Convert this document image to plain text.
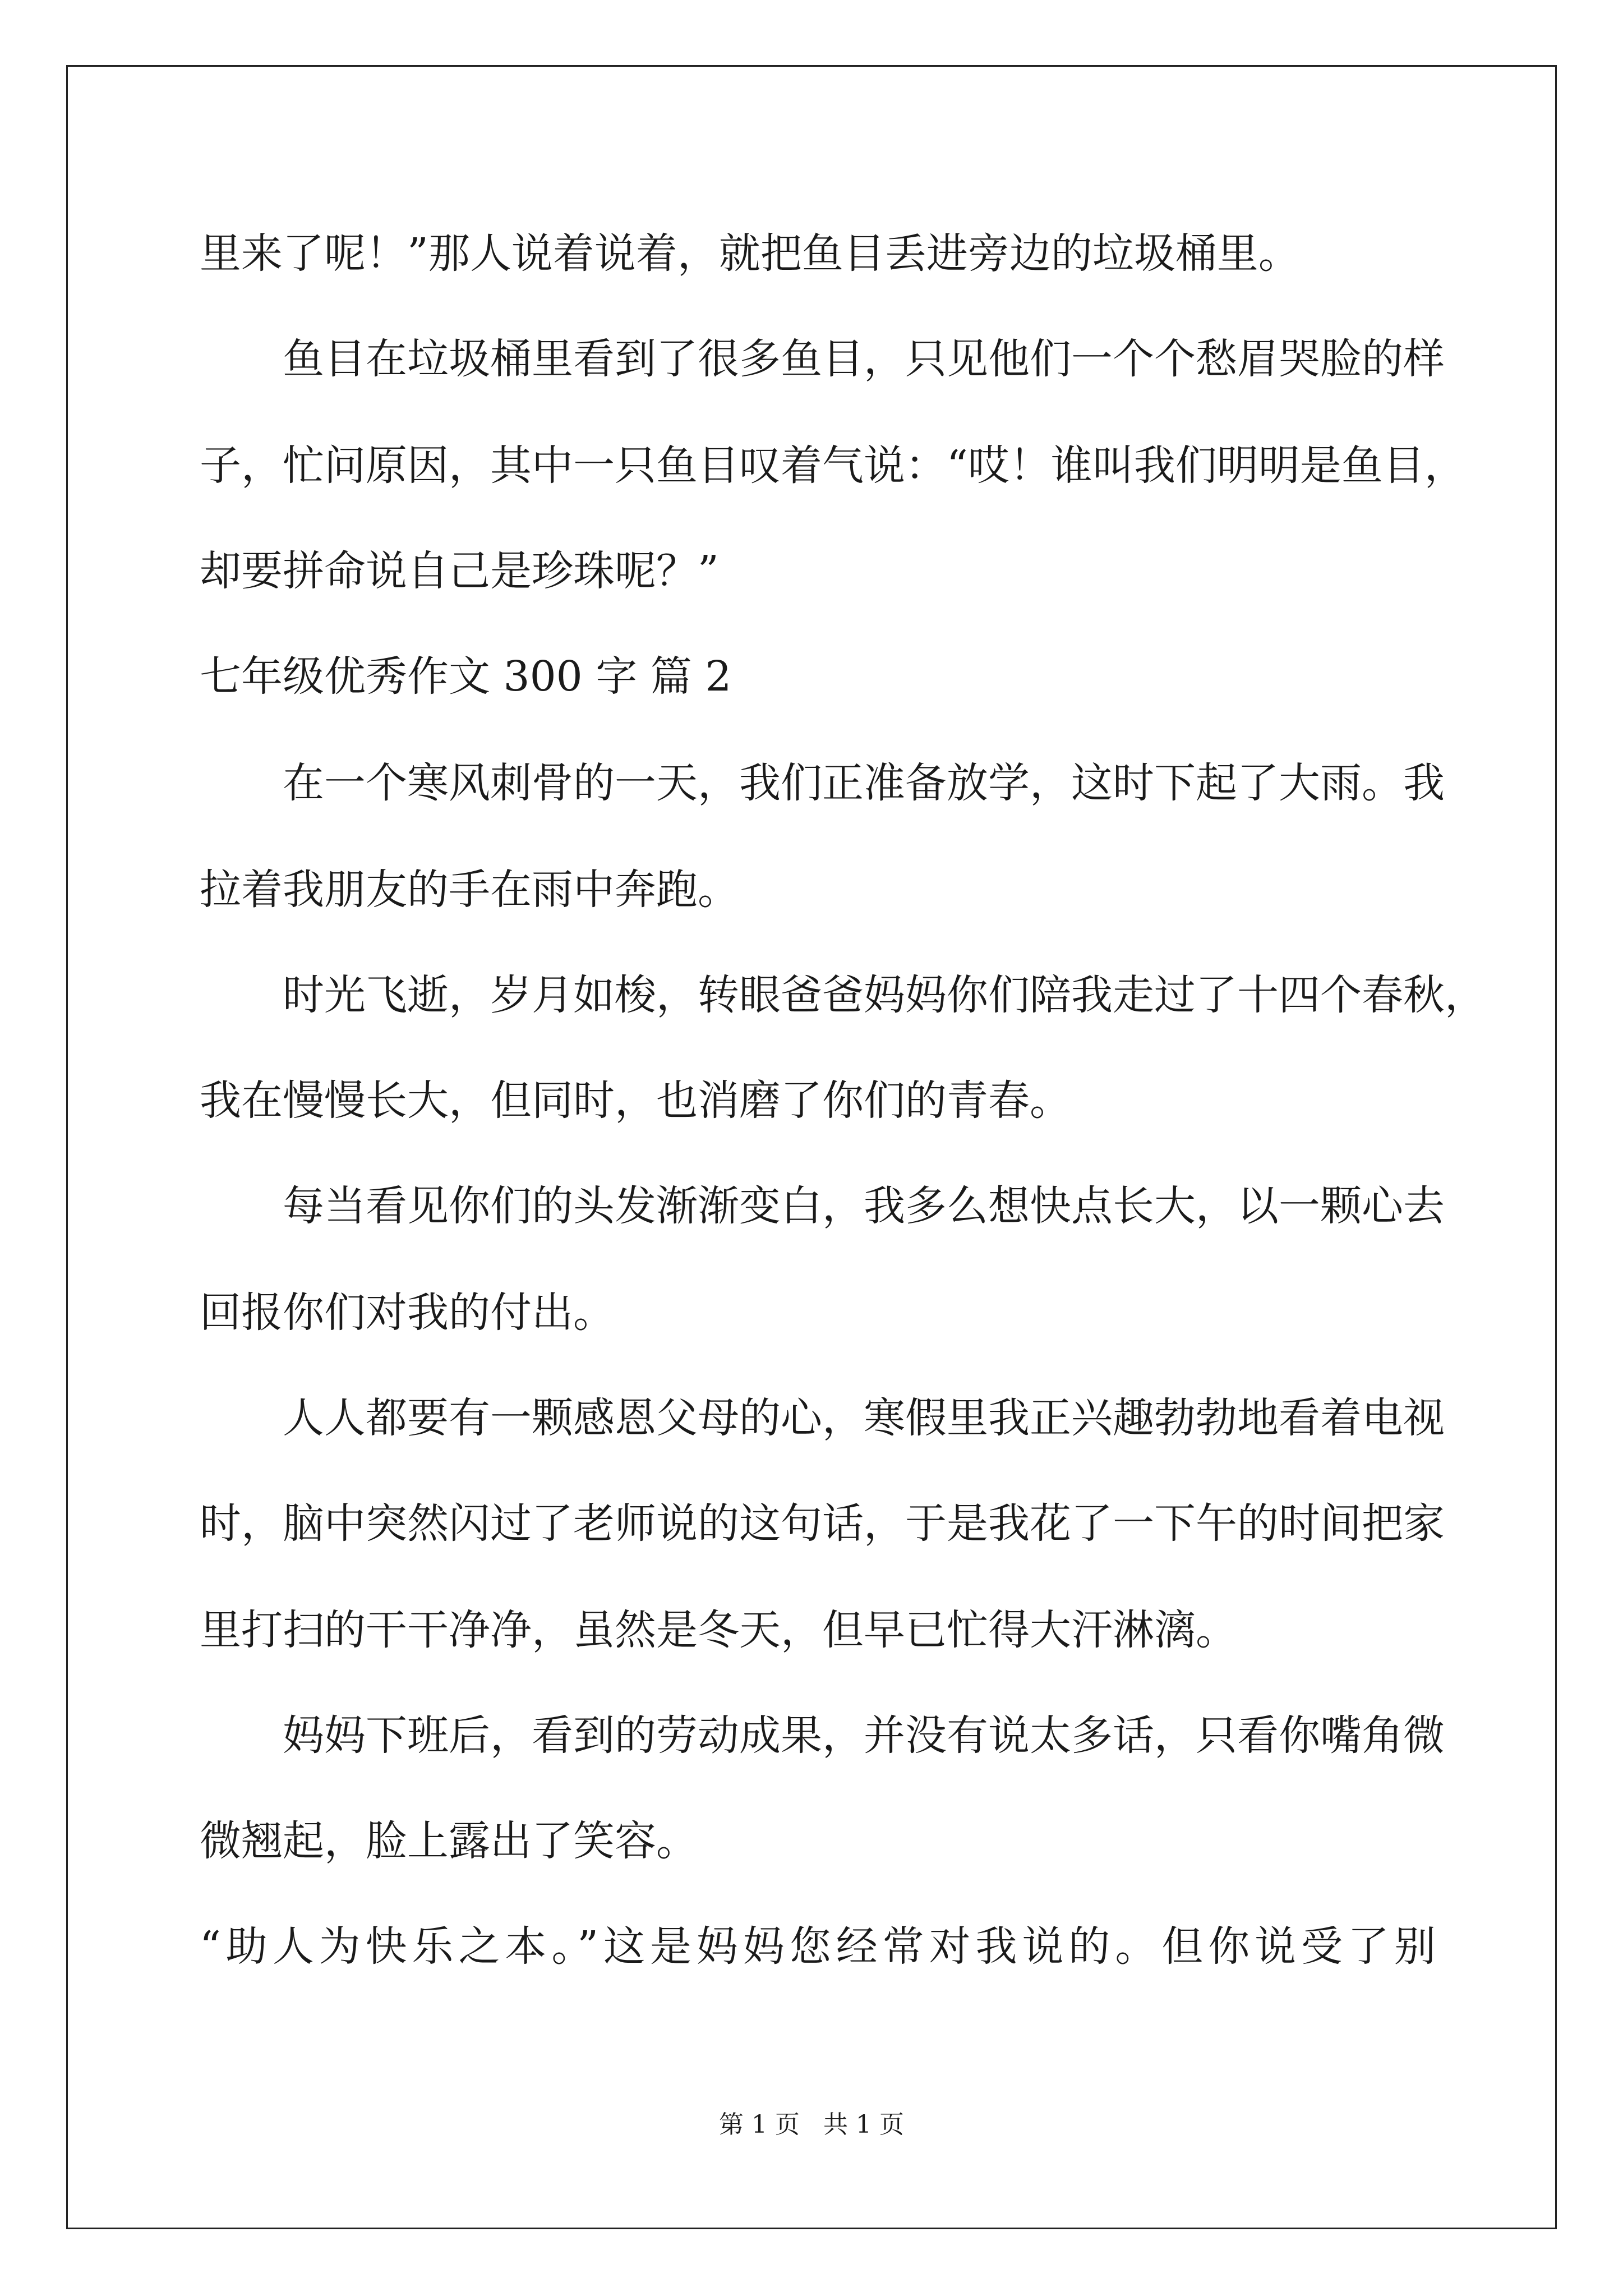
里来了呢！”那人说着说着，就把鱼目丢进旁边的垃圾桶里。
鱼目在垃圾桶里看到了很多鱼目，只见他们一个个愁眉哭脸的样
子，忙问原因，其中一只鱼目叹着气说：“哎！谁叫我们明明是鱼目，
却要拼命说自己是珍珠呢？”
七年级优秀作文 300 字 篇 2
在一个寒风刺骨的一天，我们正准备放学，这时下起了大雨。我
拉着我朋友的手在雨中奔跑。
时光飞逝，岁月如梭，转眼爸爸妈妈你们陪我走过了十四个春秋，
我在慢慢长大，但同时，也消磨了你们的青春。
每当看见你们的头发渐渐变白，我多么想快点长大，以一颗心去
回报你们对我的付出。
人人都要有一颗感恩父母的心，寒假里我正兴趣勃勃地看着电视
时，脑中突然闪过了老师说的这句话，于是我花了一下午的时间把家
里打扫的干干净净，虽然是冬天，但早已忙得大汗淋漓。
妈妈下班后，看到的劳动成果，并没有说太多话，只看你嘴角微
微翘起，脸上露出了笑容。
“助人为快乐之本。”这是妈妈您经常对我说的。但你说受了别
第 1 页   共 1 页
